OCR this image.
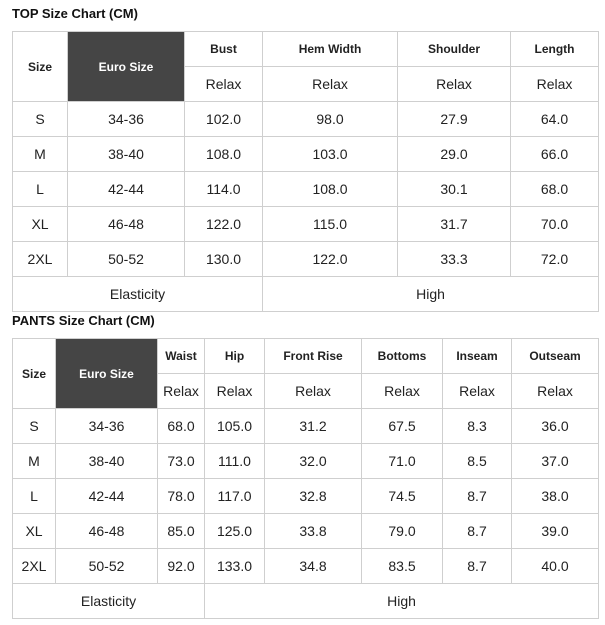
TOP Size Chart (CM)
Size	Euro Size	Bust	Hem Width	Shoulder	Length
		Relax	Relax	Relax	Relax
S	34-36	102.0	98.0	27.9	64.0
M	38-40	108.0	103.0	29.0	66.0
L	42-44	114.0	108.0	30.1	68.0
XL	46-48	122.0	115.0	31.7	70.0
2XL	50-52	130.0	122.0	33.3	72.0
Elasticity			High		
PANTS Size Chart (CM)
Size	Euro Size	Waist	Hip	Front Rise	Bottoms	Inseam	Outseam
		Relax	Relax	Relax	Relax	Relax	Relax
S	34-36	68.0	105.0	31.2	67.5	8.3	36.0
M	38-40	73.0	111.0	32.0	71.0	8.5	37.0
L	42-44	78.0	117.0	32.8	74.5	8.7	38.0
XL	46-48	85.0	125.0	33.8	79.0	8.7	39.0
2XL	50-52	92.0	133.0	34.8	83.5	8.7	40.0
Elasticity			High				
